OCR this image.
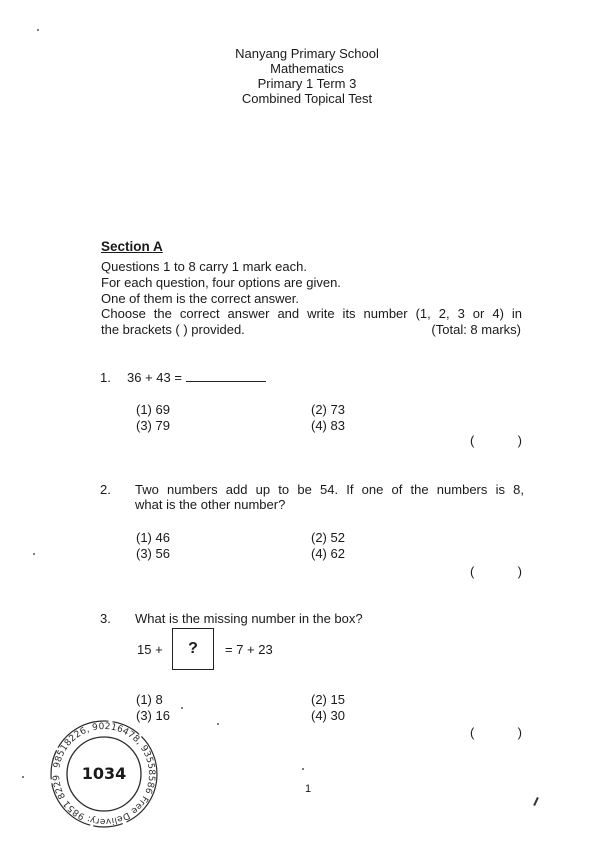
Nanyang Primary School
Mathematics
Primary 1 Term 3
Combined Topical Test
Section A
Questions 1 to 8 carry 1 mark each.
For each question, four options are given.
One of them is the correct answer.
Choose the correct answer and write its number (1, 2, 3 or 4) in
the brackets ( ) provided.	(Total: 8 marks)
1. 36 + 43 =
(1) 69	(2) 73
(3) 79	(4) 83
(	)
2. Two numbers add up to be 54. If one of the numbers is 8,
what is the other number?
(1) 46	(2) 52
(3) 56	(4) 62
(	)
3. What is the missing number in the box?
15 + ? = 7 + 23
(1) 8	(2) 15
(3) 16	(4) 30
(	)
1
98518226, 90216478, 93558586 Free Delivery: 9851 8229	1034
